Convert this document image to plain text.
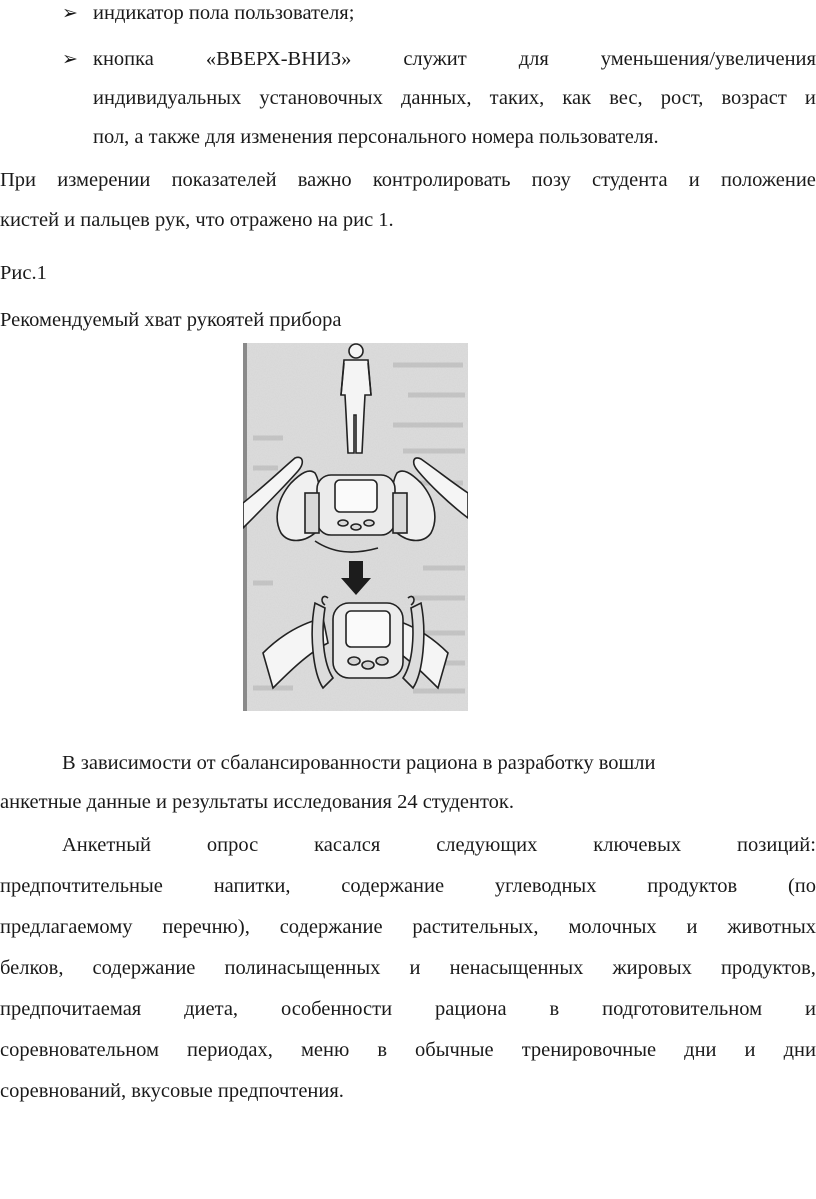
➢ индикатор пола пользователя;
➢ кнопка	«ВВЕРХ-ВНИЗ»	служит	для	уменьшения/увеличения
индивидуальных установочных данных, таких, как вес, рост, возраст и
пол, а также для изменения персонального номера пользователя.
При измерении показателей важно контролировать позу студента и положение
кистей и пальцев рук, что отражено на рис 1.
Рис.1
Рекомендуемый хват рукоятей прибора
В зависимости от сбалансированности рациона в разработку вошли
анкетные данные и результаты исследования 24 студенток.
Анкетный	опрос	касался	следующих	ключевых	позиций:
предпочтительные напитки, содержание углеводных продуктов (по
предлагаемому перечню), содержание растительных, молочных и животных
белков, содержание полинасыщенных и ненасыщенных жировых продуктов,
предпочитаемая диета, особенности рациона в подготовительном и
соревновательном периодах, меню в обычные тренировочные дни и дни
соревнований, вкусовые предпочтения.
